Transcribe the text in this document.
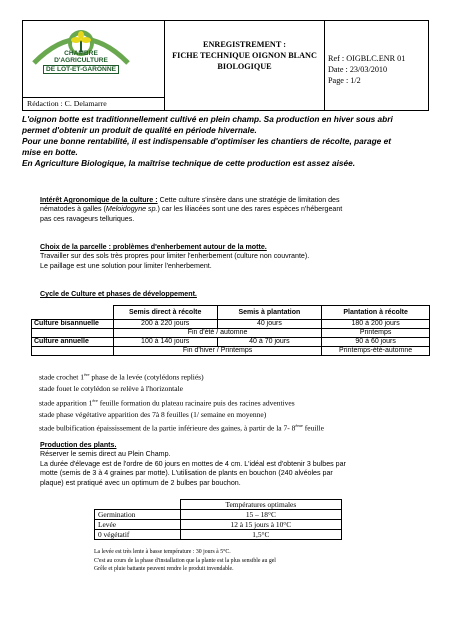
ENREGISTREMENT :
FICHE TECHNIQUE OIGNON BLANC
BIOLOGIQUE
Ref : OIGBLC.ENR 01
Date : 23/03/2010
Page : 1/2
Rédaction : C. Delamarre
CHAMBRE
D'AGRICULTURE
DE LOT-ET-GARONNE
L'oignon botte est traditionnellement cultivé en plein champ. Sa production en hiver sous abri
permet d'obtenir un produit de qualité en période hivernale.
Pour une bonne rentabilité, il est indispensable d'optimiser les chantiers de récolte, parage et
mise en botte.
En Agriculture Biologique, la maîtrise technique de cette production est assez aisée.
Intérêt Agronomique de la culture : Cette culture s'insère dans une stratégie de limitation des
nématodes à galles (Meloidogyne sp.) car les liliacées sont une des rares espèces n'hébergeant
pas ces ravageurs telluriques.
Choix de la parcelle : problèmes d'enherbement autour de la motte.
Travailler sur des sols très propres pour limiter l'enherbement (culture non couvrante).
Le paillage est une solution pour limiter l'enherbement.
Cycle de Culture et phases de développement.
	Semis direct à récolte	Semis à plantation	Plantation à récolte
Culture bisannuelle	200 à 220 jours	40 jours	180 à 200 jours
	Fin d'été / automne		Printemps
Culture annuelle	100 à 140 jours	40 à 70 jours	90 à 60 jours
	Fin d'hiver / Printemps		Printemps-été-automne
stade crochet 1ère phase de la levée (cotylédons repliés)
stade fouet le cotylédon se relève à l'horizontale
stade apparition 1ère feuille formation du plateau racinaire puis des racines adventives
stade phase végétative apparition des 7à 8 feuilles (1/ semaine en moyenne)
stade bulbification épaississement de la partie inférieure des gaines, à partir de la 7- 8ème feuille
Production des plants.
Réserver le semis direct au Plein Champ.
La durée d'élevage est de l'ordre de 60 jours en mottes de 4 cm. L'idéal est d'obtenir 3 bulbes par
motte (semis de 3 à 4 graines par motte). L'utilisation de plants en bouchon (240 alvéoles par
plaque) est pratiqué avec un optimum de 2 bulbes par bouchon.
	Températures optimales
Germination	15 – 18°C
Levée	12 à 15 jours à 10°C
0 végétatif	1,5°C
La levée est très lente à basse température : 30 jours à 5°C.
C'est au cours de la phase d'installation que la plante est la plus sensible au gel
Grêle et pluie battante peuvent rendre le produit invendable.
